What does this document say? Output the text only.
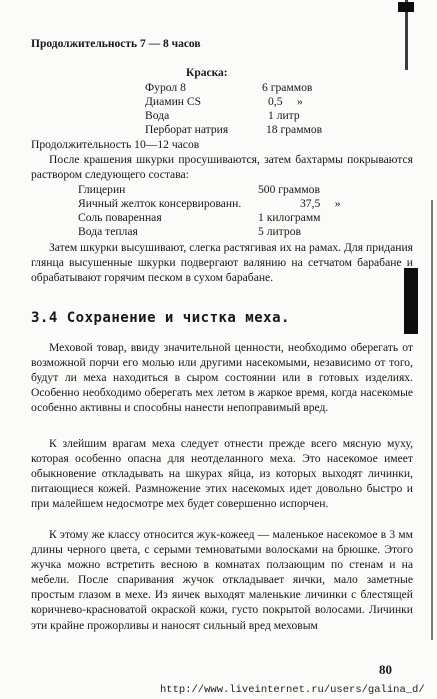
Продолжительность 7 — 8 часов
Краска:
Фурол 8	6 граммов
Диамин CS	0,5     »
Вода	1 литр
Перборат натрия	18 граммов
Продолжительность 10—12 часов
После крашения шкурки просушиваются, затем бахтармы покрываются раствором следующего состава:
Глицерин	500 граммов
Яичный желток консервированн.	37,5     »
Соль поваренная	1 килограмм
Вода теплая	5 литров
Затем шкурки высушивают, слегка растягивая их на рамах. Для придания глянца высушенные шкурки подвергают валянию на сетчатом барабане и обрабатывают горячим песком в сухом барабане.
3.4 Сохранение и чистка меха.
Меховой товар, ввиду значительной ценности, необходимо оберегать от возможной порчи его молью или другими насекомыми, независимо от того, будут ли меха находиться в сыром состоянии или в готовых изделиях. Особенно необходимо оберегать мех летом в жаркое время, когда насекомые особенно активны и способны нанести непоправимый вред.
К злейшим врагам меха следует отнести прежде всего мясную муху, которая особенно опасна для неотделанного меха. Это насекомое имеет обыкновение откладывать на шкурах яйца, из которых выходят личинки, питающиеся кожей. Размножение этих насекомых идет довольно быстро и при малейшем недосмотре мех будет совершенно испорчен.
К этому же классу относится жук-кожеед — маленькое насекомое в 3 мм длины черного цвета, с серыми темноватыми волосками на брюшке. Этого жучка можно встретить весною в комнатах ползающим по стенам и на мебели. После спаривания жучок откладывает яички, мало заметные простым глазом в мехе. Из яичек выходят маленькие личинки с блестящей коричнево-красноватой окраской кожи, густо покрытой волосами. Личинки эти крайне прожорливы и наносят сильный вред меховым
80
http://www.liveinternet.ru/users/galina_d/
